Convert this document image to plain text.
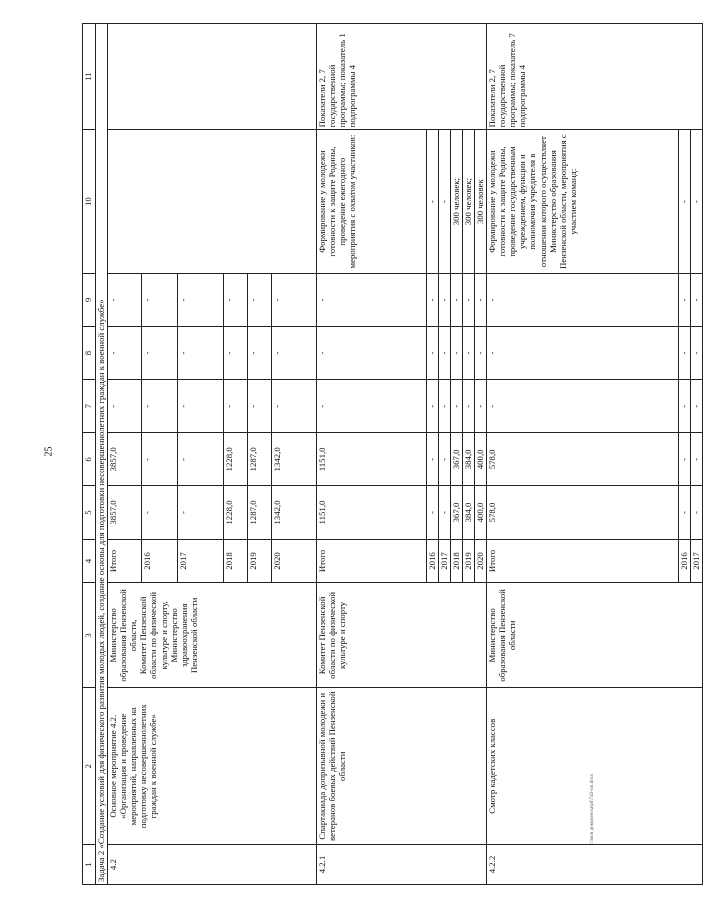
25
c:\мои документы\pd\743-пп.docx
1	2	3	4	5	6	7	8	9	10	11
Задача 2 «Создание условий для физического развития молодых людей, создание основы для подготовки несовершеннолетних граждан к военной службе»										
4.2	Основное мероприятие 4.2. «Организация и проведение мероприятий, направленных на подготовку несовершеннолетних граждан к военной службе»	Министерство образования Пензенской области, Комитет Пензенской области по физической культуре и спорту, Министерство здравоохранения Пензенской области	Итого	3857,0	3857,0	-	-	-		
			2016	-	-	-	-	-		
			2017	-	-	-	-	-		
			2018	1228,0	1228,0	-	-	-		
			2019	1287,0	1287,0	-	-	-		
			2020	1342,0	1342,0	-	-	-		
4.2.1	Спартакиада допризывной молодежи и ветеранов боевых действий Пензенской области	Комитет Пензенской области по физической культуре и спорту	Итого	1151,0	1151,0	-	-	-	Формирование у молодежи готовности к защите Родины, проведение ежегодного мероприятия с охватом участников:	Показатели 2, 7 государственной программы; показатель 1 подпрограммы 4
			2016	-	-	-	-	-	-	
			2017	-	-	-	-	-	-	
			2018	367,0	367,0	-	-	-	300 человек;	
			2019	384,0	384,0	-	-	-	300 человек;	
			2020	400,0	400,0	-	-	-	300 человек	
4.2.2	Смотр кадетских классов	Министерство образования Пензенской области	Итого	578,0	578,0	-	-	-	Формирование у молодежи готовности к защите Родины, проведение государственным учреждением, функции и полномочия учредителя в отношении которого осуществляет Министерство образования Пензенской области, мероприятия с участием команд:	Показатели 2, 7 государственной программы; показатель 7 подпрограммы 4
			2016	-	-	-	-	-	-	
			2017	-	-	-	-	-	-	
